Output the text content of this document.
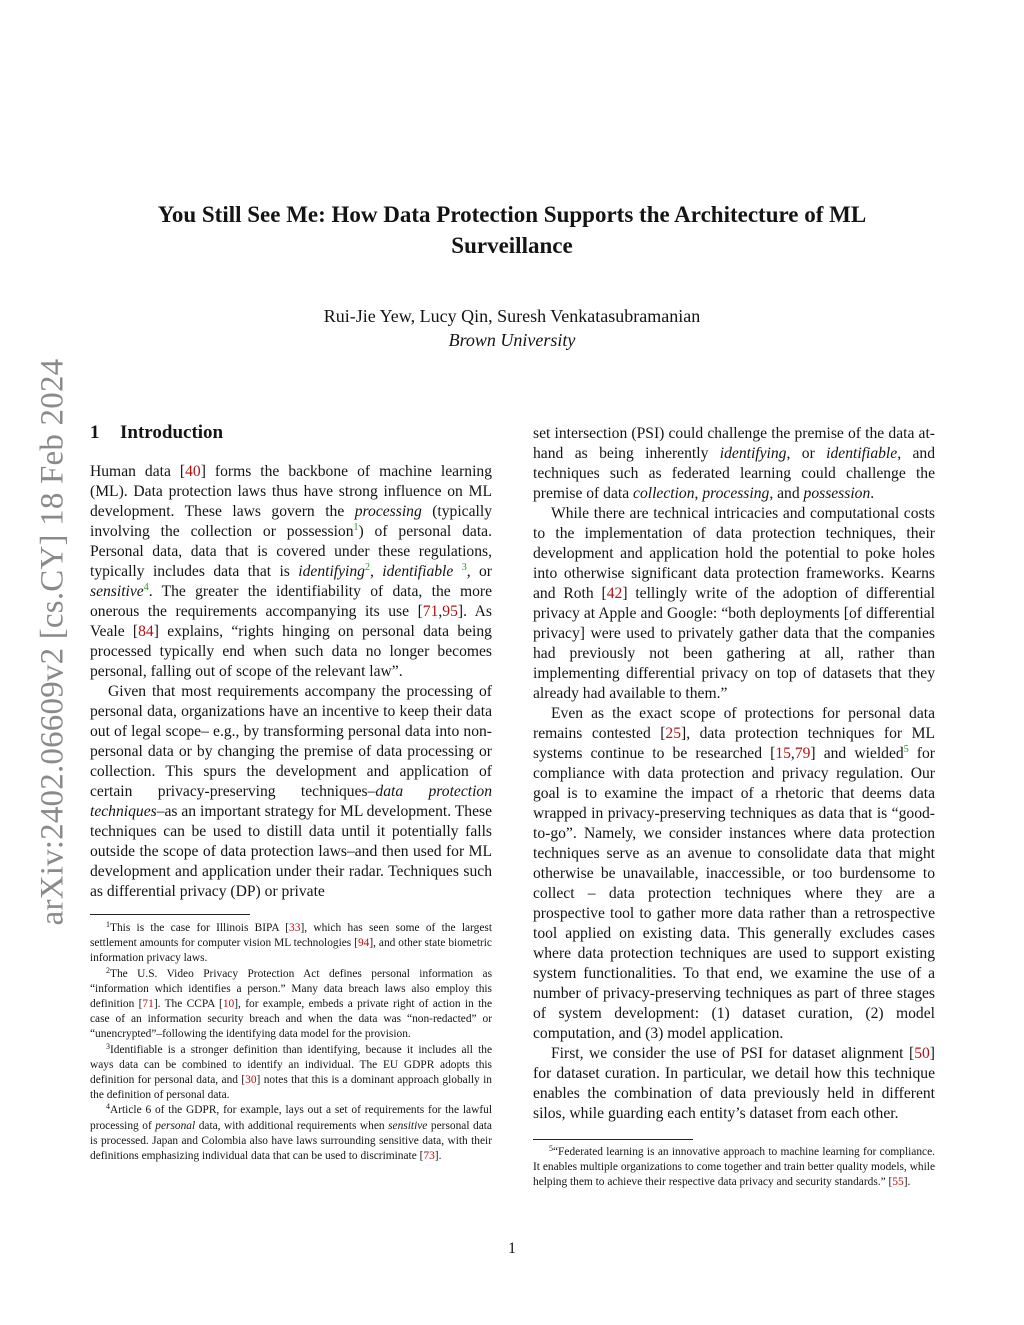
arXiv:2402.06609v2 [cs.CY] 18 Feb 2024
You Still See Me: How Data Protection Supports the Architecture of ML
Surveillance
Rui-Jie Yew, Lucy Qin, Suresh Venkatasubramanian
Brown University
1 Introduction

Human data [40] forms the backbone of machine learning (ML). Data protection laws thus have strong influence on ML development. These laws govern the processing (typically involving the collection or possession$^1$) of personal data. Personal data, data that is covered under these regulations, typically includes data that is identifying$^2$, identifiable $^3$, or sensitive$^4$. The greater the identifiability of data, the more onerous the requirements accompanying its use [71,95]. As Veale [84] explains, “rights hinging on personal data being processed typically end when such data no longer becomes personal, falling out of scope of the relevant law”.

Given that most requirements accompany the processing of personal data, organizations have an incentive to keep their data out of legal scope– e.g., by transforming personal data into non-personal data or by changing the premise of data processing or collection. This spurs the development and application of certain privacy-preserving techniques–data protection techniques–as an important strategy for ML development. These techniques can be used to distill data until it potentially falls outside the scope of data protection laws–and then used for ML development and application under their radar. Techniques such as differential privacy (DP) or private

$^1$This is the case for Illinois BIPA [33], which has seen some of the largest settlement amounts for computer vision ML technologies [94], and other state biometric information privacy laws.

$^2$The U.S. Video Privacy Protection Act defines personal information as “information which identifies a person.” Many data breach laws also employ this definition [71]. The CCPA [10], for example, embeds a private right of action in the case of an information security breach and when the data was “non-redacted” or “unencrypted”–following the identifying data model for the provision.

$^3$Identifiable is a stronger definition than identifying, because it includes all the ways data can be combined to identify an individual. The EU GDPR adopts this definition for personal data, and [30] notes that this is a dominant approach globally in the definition of personal data.

$^4$Article 6 of the GDPR, for example, lays out a set of requirements for the lawful processing of personal data, with additional requirements when sensitive personal data is processed. Japan and Colombia also have laws surrounding sensitive data, with their definitions emphasizing individual data that can be used to discriminate [73].

set intersection (PSI) could challenge the premise of the data at-hand as being inherently identifying, or identifiable, and techniques such as federated learning could challenge the premise of data collection, processing, and possession.

While there are technical intricacies and computational costs to the implementation of data protection techniques, their development and application hold the potential to poke holes into otherwise significant data protection frameworks. Kearns and Roth [42] tellingly write of the adoption of differential privacy at Apple and Google: “both deployments [of differential privacy] were used to privately gather data that the companies had previously not been gathering at all, rather than implementing differential privacy on top of datasets that they already had available to them.”

Even as the exact scope of protections for personal data remains contested [25], data protection techniques for ML systems continue to be researched [15,79] and wielded$^5$ for compliance with data protection and privacy regulation. Our goal is to examine the impact of a rhetoric that deems data wrapped in privacy-preserving techniques as data that is “good-to-go”. Namely, we consider instances where data protection techniques serve as an avenue to consolidate data that might otherwise be unavailable, inaccessible, or too burdensome to collect – data protection techniques where they are a prospective tool to gather more data rather than a retrospective tool applied on existing data. This generally excludes cases where data protection techniques are used to support existing system functionalities. To that end, we examine the use of a number of privacy-preserving techniques as part of three stages of system development: (1) dataset curation, (2) model computation, and (3) model application.

First, we consider the use of PSI for dataset alignment [50] for dataset curation. In particular, we detail how this technique enables the combination of data previously held in different silos, while guarding each entity’s dataset from each other.

$^5$“Federated learning is an innovative approach to machine learning for compliance. It enables multiple organizations to come together and train better quality models, while helping them to achieve their respective data privacy and security standards.” [55].

1
